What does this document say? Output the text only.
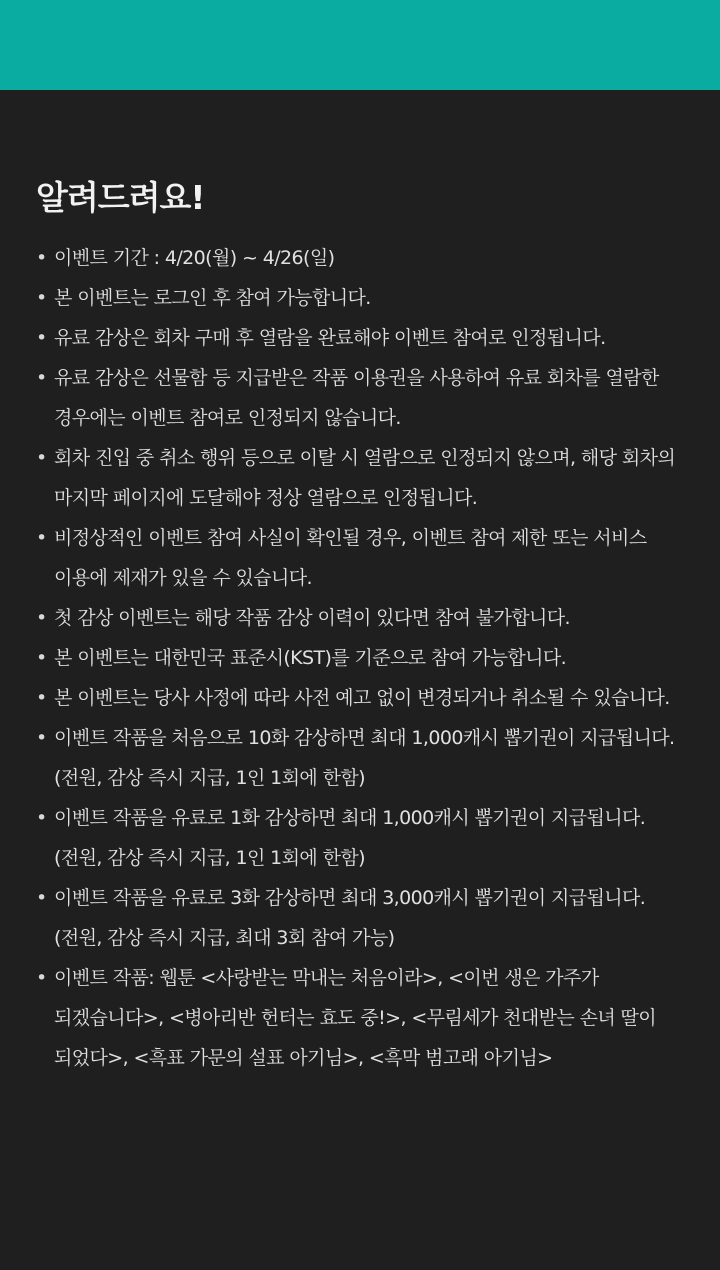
알려드려요!
• 이벤트 기간 : 4/20(월) ~ 4/26(일)
• 본 이벤트는 로그인 후 참여 가능합니다.
• 유료 감상은 회차 구매 후 열람을 완료해야 이벤트 참여로 인정됩니다.
• 유료 감상은 선물함 등 지급받은 작품 이용권을 사용하여 유료 회차를 열람한 경우에는 이벤트 참여로 인정되지 않습니다.
• 회차 진입 중 취소 행위 등으로 이탈 시 열람으로 인정되지 않으며, 해당 회차의 마지막 페이지에 도달해야 정상 열람으로 인정됩니다.
• 비정상적인 이벤트 참여 사실이 확인될 경우, 이벤트 참여 제한 또는 서비스 이용에 제재가 있을 수 있습니다.
• 첫 감상 이벤트는 해당 작품 감상 이력이 있다면 참여 불가합니다.
• 본 이벤트는 대한민국 표준시(KST)를 기준으로 참여 가능합니다.
• 본 이벤트는 당사 사정에 따라 사전 예고 없이 변경되거나 취소될 수 있습니다.
• 이벤트 작품을 처음으로 10화 감상하면 최대 1,000캐시 뽑기권이 지급됩니다. (전원, 감상 즉시 지급, 1인 1회에 한함)
• 이벤트 작품을 유료로 1화 감상하면 최대 1,000캐시 뽑기권이 지급됩니다. (전원, 감상 즉시 지급, 1인 1회에 한함)
• 이벤트 작품을 유료로 3화 감상하면 최대 3,000캐시 뽑기권이 지급됩니다. (전원, 감상 즉시 지급, 최대 3회 참여 가능)
• 이벤트 작품: 웹툰 <사랑받는 막내는 처음이라>, <이번 생은 가주가 되겠습니다>, <병아리반 헌터는 효도 중!>, <무림세가 천대받는 손녀 딸이 되었다>, <흑표 가문의 설표 아기님>, <흑막 범고래 아기님>
